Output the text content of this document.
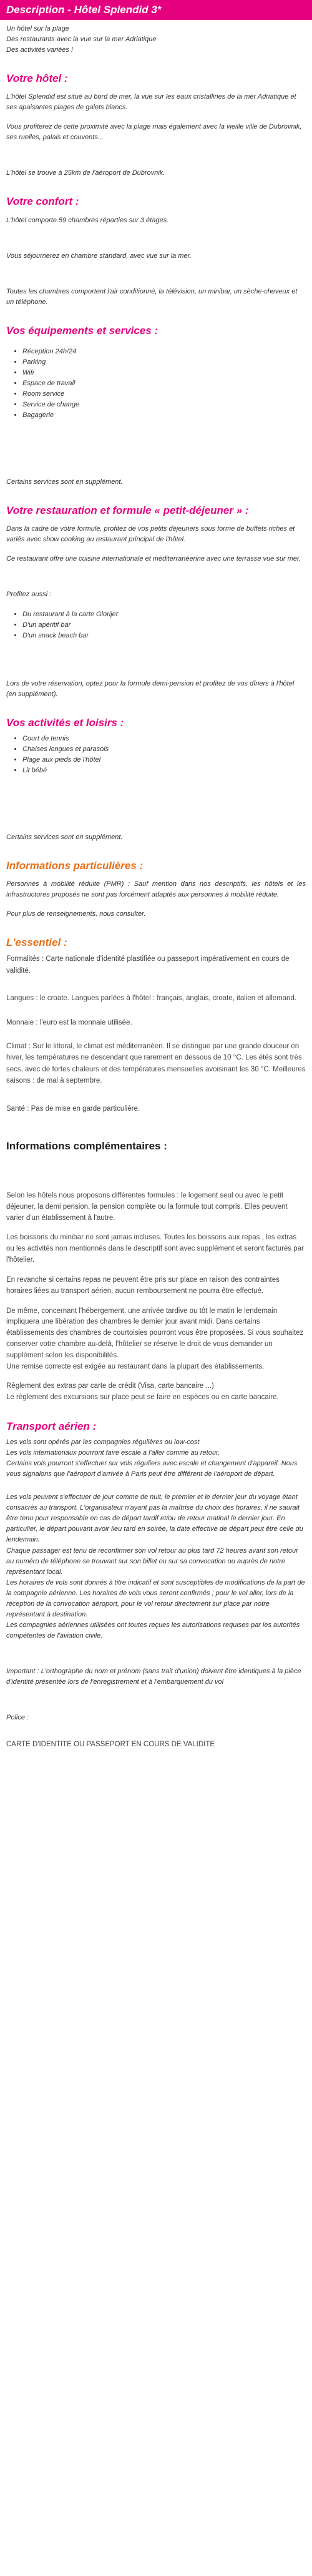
Description - Hôtel Splendid 3*

Un hôtel sur la plage

Des restaurants avec la vue sur la mer Adriatique

Des activités variées !

Votre hôtel :

L'hôtel Splendid est situé au bord de mer, la vue sur les eaux cristallines de la mer Adriatique et ses apaisantes plages de galets blancs.

Vous profiterez de cette proximité avec la plage mais également avec la vieille ville de Dubrovnik, ses ruelles, palais et couvents...

L'hôtel se trouve à 25km de l'aéroport de Dubrovnik.

Votre confort :

L'hôtel comporte 59 chambres réparties sur 3 étages.

Vous séjournerez en chambre standard, avec vue sur la mer.

Toutes les chambres comportent l'air conditionné, la télévision, un minibar, un sèche-cheveux et un téléphone.

Vos équipements et services :
• Réception 24h/24
• Parking
• Wifi
• Espace de travail
• Room service
• Service de change
• Bagagerie

Certains services sont en supplément.

Votre restauration et formule « petit-déjeuner » :

Dans la cadre de votre formule, profitez de vos petits déjeuners sous forme de buffets riches et variés avec show cooking au restaurant principal de l'hôtel.

Ce restaurant offre une cuisine internationale et méditerranéenne avec une terrasse vue sur mer.

Profitez aussi :

• Du restaurant à la carte Glorijet
• D'un apéritif bar
• D'un snack beach bar

Lors de votre réservation, optez pour la formule demi-pension et profitez de vos dîners à l'hôtel (en supplément).

Vos activités et loisirs :
• Court de tennis
• Chaises longues et parasols
• Plage aux pieds de l'hôtel
• Lit bébé

Certains services sont en supplément.

Informations particulières :

Personnes à mobilité réduite (PMR) : Sauf mention dans nos descriptifs, les hôtels et les infrastructures proposés ne sont pas forcément adaptés aux personnes à mobilité réduite.

Pour plus de renseignements, nous consulter.

L'essentiel :

Formalités : Carte nationale d'identité plastifiée ou passeport impérativement en cours de validité.

Langues : le croate. Langues parlées à l'hôtel : français, anglais, croate, italien et allemand.

Monnaie : l'euro est la monnaie utilisée.

Climat : Sur le littoral, le climat est méditerranéen. Il se distingue par une grande douceur en hiver, les températures ne descendant que rarement en dessous de 10 °C. Les étés sont très secs, avec de fortes chaleurs et des températures mensuelles avoisinant les 30 °C. Meilleures saisons : de mai à septembre.

Santé : Pas de mise en garde particulière.

Informations complémentaires :

Selon les hôtels nous proposons différentes formules : le logement seul ou avec le petit déjeuner, la demi pension, la pension complète ou la formule tout compris. Elles peuvent varier d'un établissement à l'autre.

Les boissons du minibar ne sont jamais incluses. Toutes les boissons aux repas , les extras ou les activités non mentionnés dans le descriptif sont avec supplément et seront facturés par l'hôtelier.

En revanche si certains repas ne peuvent être pris sur place en raison des contraintes horaires liées au transport aérien, aucun remboursement ne pourra être effectué.

De même, concernant l'hébergement, une arrivée tardive ou tôt le matin le lendemain impliquera une libération des chambres le dernier jour avant midi. Dans certains établissements des chambres de courtoisies pourront vous être proposées. Si vous souhaitez conserver votre chambre au-delà, l'hôtelier se réserve le droit de vous demander un supplément selon les disponibilités.

Une remise correcte est exigée au restaurant dans la plupart des établissements.

Règlement des extras par carte de crédit (Visa, carte bancaire ...)

Le règlement des excursions sur place peut se faire en espèces ou en carte bancaire.

Transport aérien :

Les vols sont opérés par les compagnies régulières ou low-cost.

Les vols internationaux pourront faire escale à l'aller comme au retour.

Certains vols pourront s'effectuer sur vols réguliers avec escale et changement d'appareil. Nous vous signalons que l'aéroport d'arrivée à Paris peut être différent de l'aéroport de départ.

Les vols peuvent s'effectuer de jour comme de nuit, le premier et le dernier jour du voyage étant consacrés au transport. L'organisateur n'ayant pas la maîtrise du choix des horaires, il ne saurait être tenu pour responsable en cas de départ tardif et/ou de retour matinal le dernier jour. En particulier, le départ pouvant avoir lieu tard en soirée, la date effective de départ peut être celle du lendemain.

Chaque passager est tenu de reconfirmer son vol retour au plus tard 72 heures avant son retour au numéro de téléphone se trouvant sur son billet ou sur sa convocation ou auprès de notre représentant local.

Les horaires de vols sont donnés à titre indicatif et sont susceptibles de modifications de la part de la compagnie aérienne. Les horaires de vols vous seront confirmés ; pour le vol aller, lors de la réception de la convocation aéroport, pour le vol retour directement sur place par notre représentant à destination.

Les compagnies aériennes utilisées ont toutes reçues les autorisations requises par les autorités compétentes de l'aviation civile.

Important : L'orthographe du nom et prénom (sans trait d'union) doivent être identiques à la pièce d'identité présentée lors de l'enregistrement et à l'embarquement du vol

Police :

CARTE D'IDENTITE OU PASSEPORT EN COURS DE VALIDITE
